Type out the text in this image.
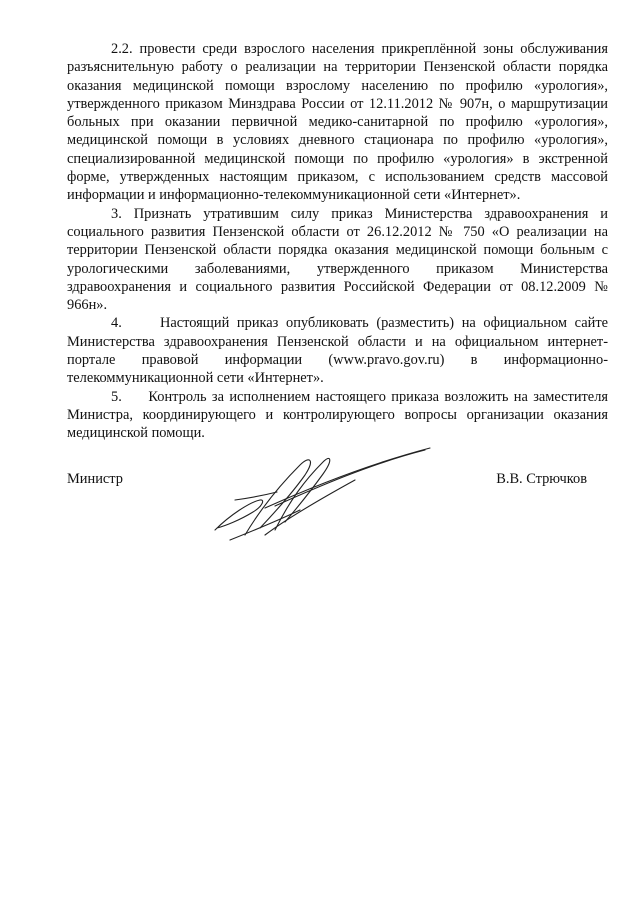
2.2. провести среди взрослого населения прикреплённой зоны обслуживания разъяснительную работу о реализации на территории Пензенской области порядка оказания медицинской помощи взрослому населению по профилю «урология», утвержденного приказом Минздрава России от 12.11.2012 № 907н, о маршрутизации больных при оказании первичной медико-санитарной по профилю «урология», медицинской помощи в условиях дневного стационара по профилю «урология», специализированной медицинской помощи по профилю «урология» в экстренной форме, утвержденных настоящим приказом, с использованием средств массовой информации и информационно-телекоммуникационной сети «Интернет».

3. Признать утратившим силу приказ Министерства здравоохранения и социального развития Пензенской области от 26.12.2012 № 750 «О реализации на территории Пензенской области порядка оказания медицинской помощи больным с урологическими заболеваниями, утвержденного приказом Министерства здравоохранения и социального развития Российской Федерации от 08.12.2009 № 966н».

4.     Настоящий приказ опубликовать (разместить) на официальном сайте Министерства здравоохранения Пензенской области и на официальном интернет-портале правовой информации (www.pravo.gov.ru) в информационно-телекоммуникационной сети «Интернет».

5.     Контроль за исполнением настоящего приказа возложить на заместителя Министра, координирующего и контролирующего вопросы организации оказания медицинской помощи.

Министр	В.В. Стрючков
